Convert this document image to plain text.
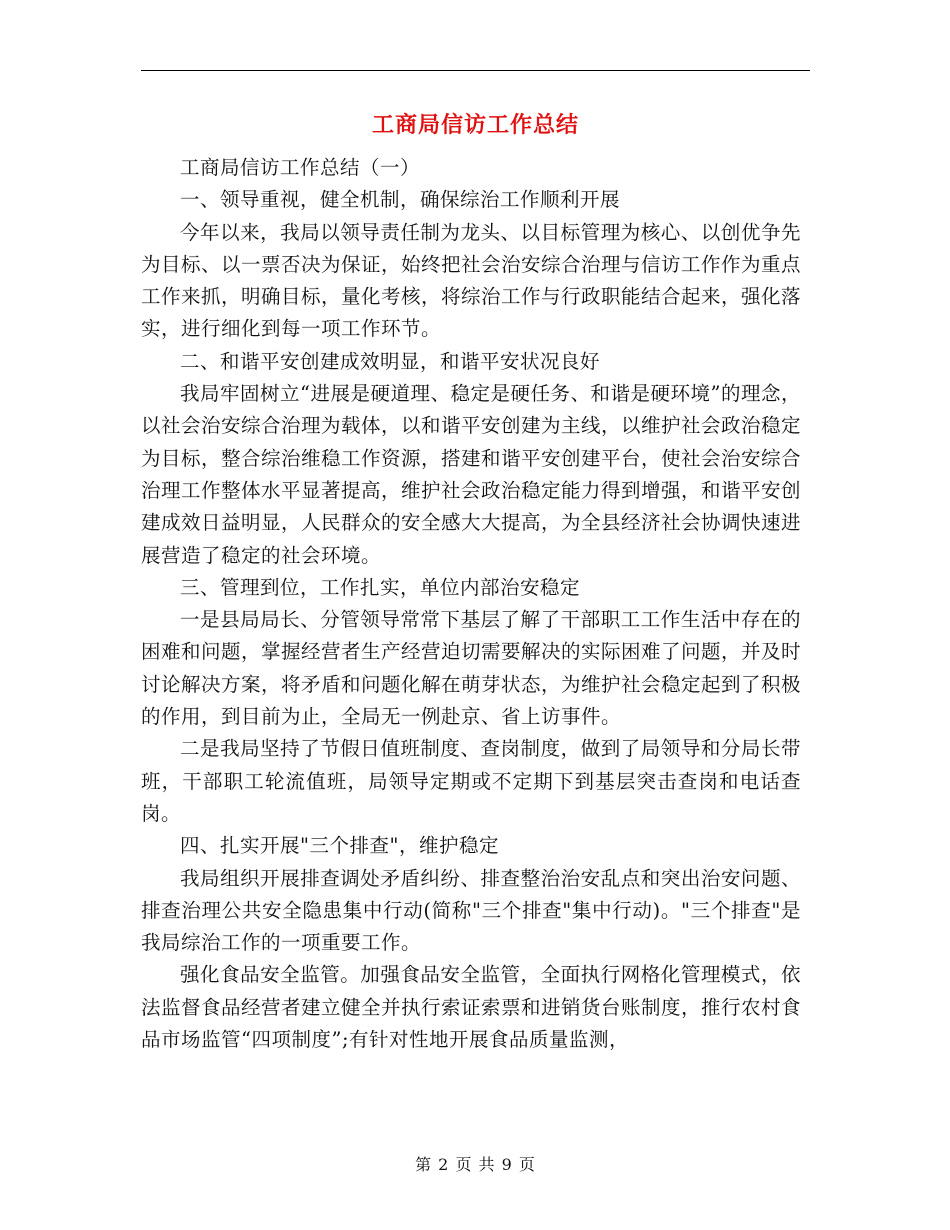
工商局信访工作总结

工商局信访工作总结（一）

一、领导重视，健全机制，确保综治工作顺利开展

今年以来，我局以领导责任制为龙头、以目标管理为核心、以创优争先为目标、以一票否决为保证，始终把社会治安综合治理与信访工作作为重点工作来抓，明确目标，量化考核，将综治工作与行政职能结合起来，强化落实，进行细化到每一项工作环节。

二、和谐平安创建成效明显，和谐平安状况良好

我局牢固树立“进展是硬道理、稳定是硬任务、和谐是硬环境”的理念，以社会治安综合治理为载体，以和谐平安创建为主线，以维护社会政治稳定为目标，整合综治维稳工作资源，搭建和谐平安创建平台，使社会治安综合治理工作整体水平显著提高，维护社会政治稳定能力得到增强，和谐平安创建成效日益明显，人民群众的安全感大大提高，为全县经济社会协调快速进展营造了稳定的社会环境。

三、管理到位，工作扎实，单位内部治安稳定

一是县局局长、分管领导常常下基层了解了干部职工工作生活中存在的困难和问题，掌握经营者生产经营迫切需要解决的实际困难了问题，并及时讨论解决方案，将矛盾和问题化解在萌芽状态，为维护社会稳定起到了积极的作用，到目前为止，全局无一例赴京、省上访事件。

二是我局坚持了节假日值班制度、查岗制度，做到了局领导和分局长带班，干部职工轮流值班，局领导定期或不定期下到基层突击查岗和电话查岗。

四、扎实开展"三个排查"，维护稳定

我局组织开展排查调处矛盾纠纷、排查整治治安乱点和突出治安问题、排查治理公共安全隐患集中行动(简称"三个排查"集中行动)。"三个排查"是我局综治工作的一项重要工作。

强化食品安全监管。加强食品安全监管，全面执行网格化管理模式，依法监督食品经营者建立健全并执行索证索票和进销货台账制度，推行农村食品市场监管“四项制度”;有针对性地开展食品质量监测，

第 2 页 共 9 页
